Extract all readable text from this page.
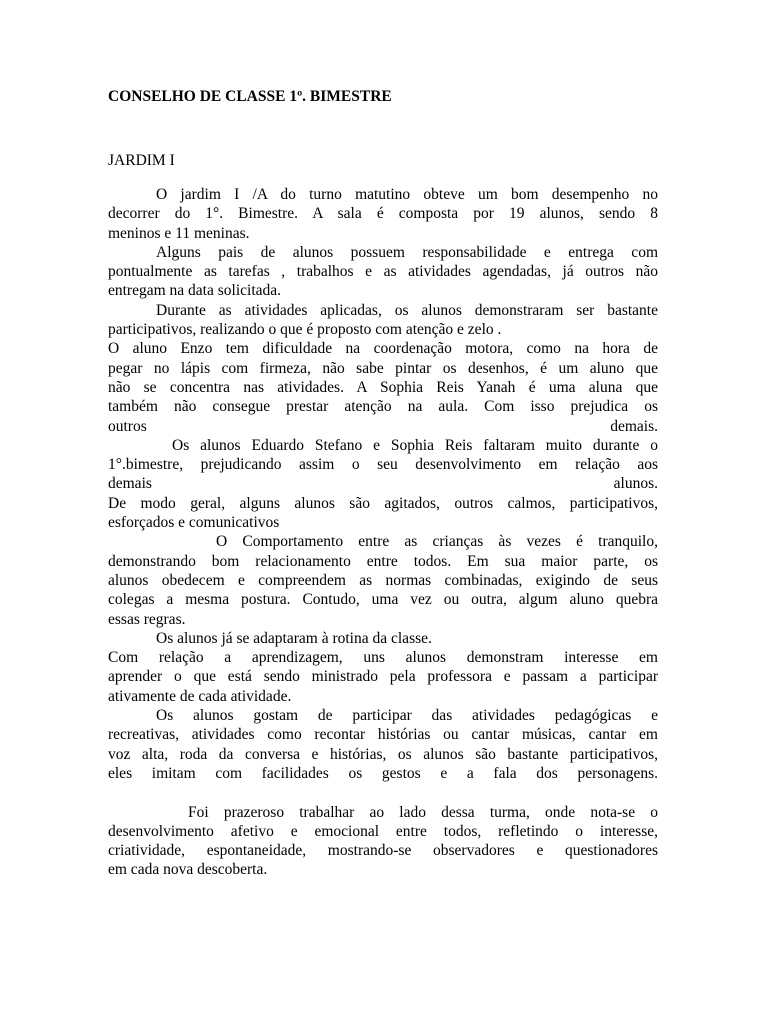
CONSELHO DE CLASSE 1º. BIMESTRE
JARDIM I
O jardim I /A do turno matutino obteve um bom desempenho no
decorrer do 1°. Bimestre. A sala é composta por 19 alunos, sendo 8
meninos e 11 meninas.
Alguns pais de alunos possuem responsabilidade e entrega com
pontualmente as tarefas , trabalhos e as atividades agendadas, já outros não
entregam na data solicitada.
Durante as atividades aplicadas, os alunos demonstraram ser bastante
participativos, realizando o que é proposto com atenção e zelo .
O aluno Enzo tem dificuldade na coordenação motora, como na hora de
pegar no lápis com firmeza, não sabe pintar os desenhos, é um aluno que
não se concentra nas atividades. A Sophia Reis Yanah é uma aluna que
também não consegue prestar atenção na aula. Com isso prejudica os
outros demais.
Os alunos Eduardo Stefano e Sophia Reis faltaram muito durante o
1°.bimestre, prejudicando assim o seu desenvolvimento em relação aos
demais alunos.
De modo geral, alguns alunos são agitados, outros calmos, participativos,
esforçados e comunicativos
O Comportamento entre as crianças às vezes é tranquilo,
demonstrando bom relacionamento entre todos. Em sua maior parte, os
alunos obedecem e compreendem as normas combinadas, exigindo de seus
colegas a mesma postura. Contudo, uma vez ou outra, algum aluno quebra
essas regras.
Os alunos já se adaptaram à rotina da classe.
Com relação a aprendizagem, uns alunos demonstram interesse em
aprender o que está sendo ministrado pela professora e passam a participar
ativamente de cada atividade.
Os alunos gostam de participar das atividades pedagógicas e
recreativas, atividades como recontar histórias ou cantar músicas, cantar em
voz alta, roda da conversa e histórias, os alunos são bastante participativos,
eles imitam com facilidades os gestos e a fala dos personagens.
Foi prazeroso trabalhar ao lado dessa turma, onde nota-se o
desenvolvimento afetivo e emocional entre todos, refletindo o interesse,
criatividade, espontaneidade, mostrando-se observadores e questionadores
em cada nova descoberta.
